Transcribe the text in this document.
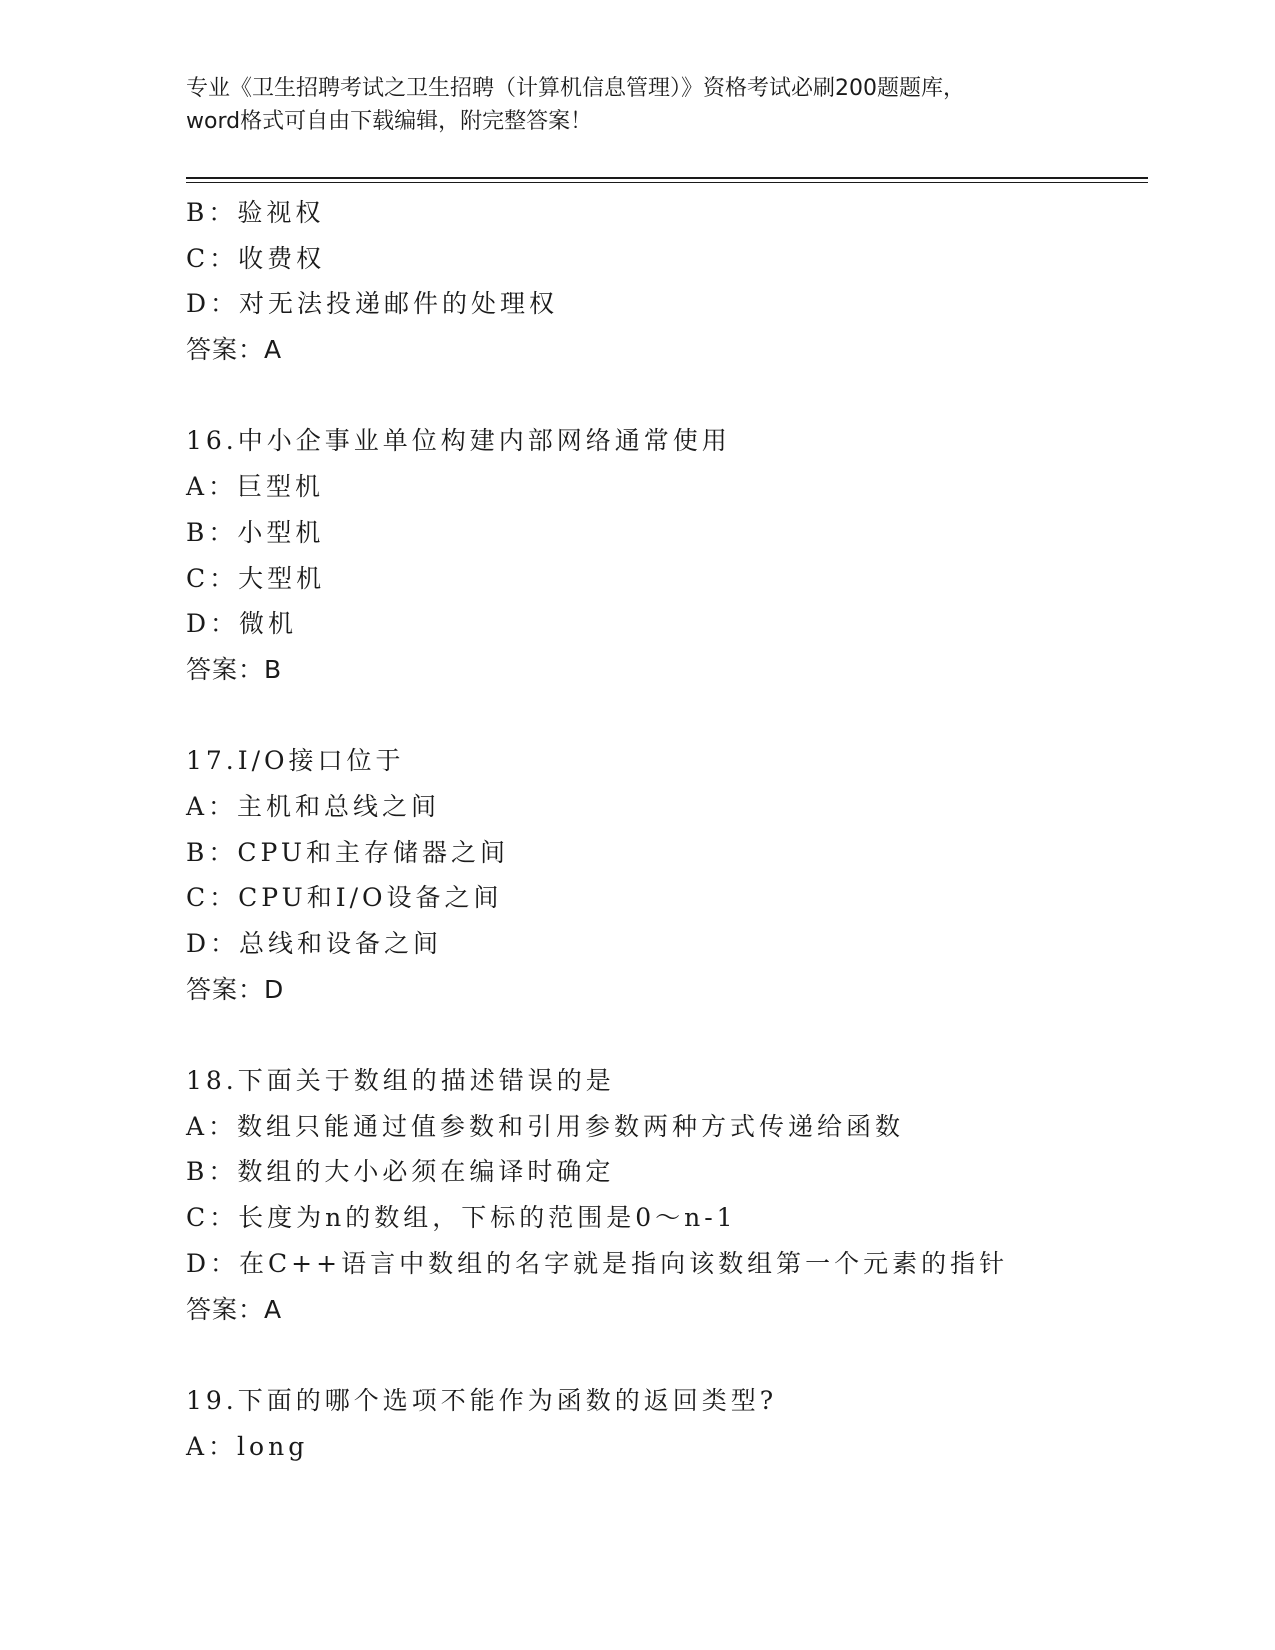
专业《卫生招聘考试之卫生招聘（计算机信息管理）》资格考试必刷200题题库，
word格式可自由下载编辑，附完整答案！
B：验视权
C：收费权
D：对无法投递邮件的处理权
答案：A
16.中小企事业单位构建内部网络通常使用
A：巨型机
B：小型机
C：大型机
D：微机
答案：B
17.I/O接口位于
A：主机和总线之间
B：CPU和主存储器之间
C：CPU和I/O设备之间
D：总线和设备之间
答案：D
18.下面关于数组的描述错误的是
A：数组只能通过值参数和引用参数两种方式传递给函数
B：数组的大小必须在编译时确定
C：长度为n的数组，下标的范围是0～n-1
D：在C++语言中数组的名字就是指向该数组第一个元素的指针
答案：A
19.下面的哪个选项不能作为函数的返回类型?
A：long
